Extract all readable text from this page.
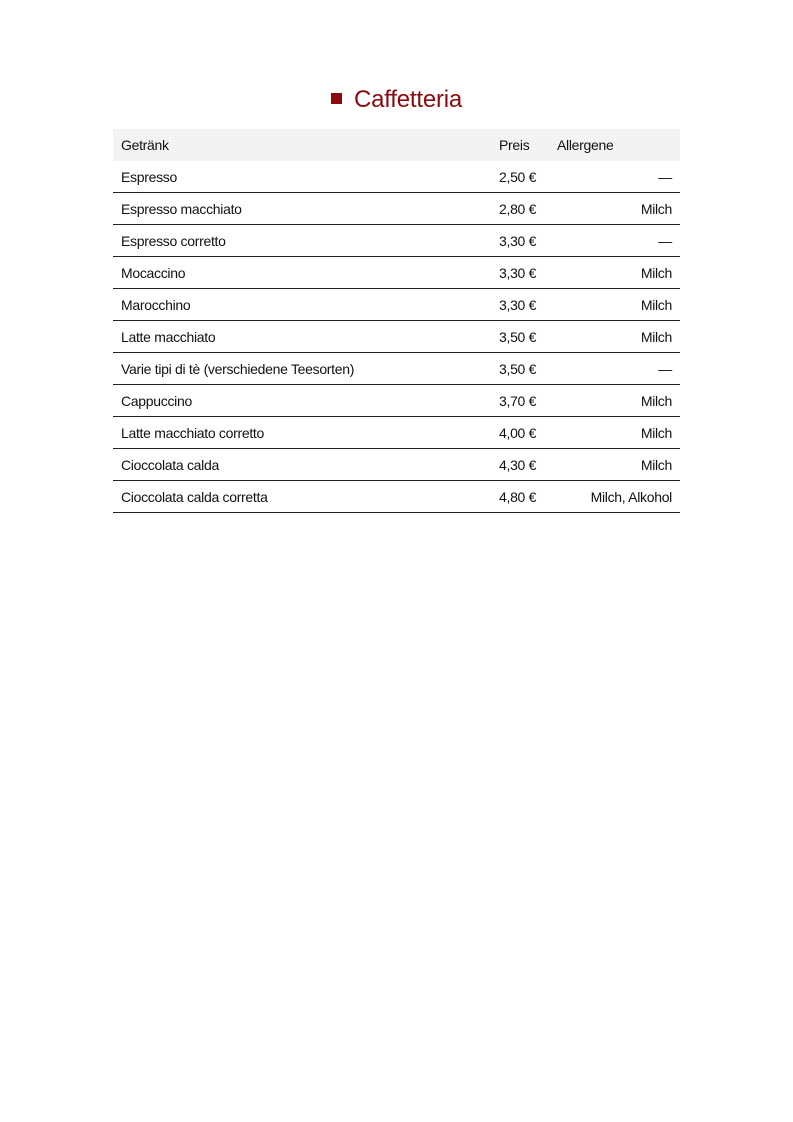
Caffetteria
Getränk	Preis	Allergene
Espresso	2,50 €	—
Espresso macchiato	2,80 €	Milch
Espresso corretto	3,30 €	—
Mocaccino	3,30 €	Milch
Marocchino	3,30 €	Milch
Latte macchiato	3,50 €	Milch
Varie tipi di tè (verschiedene Teesorten)	3,50 €	—
Cappuccino	3,70 €	Milch
Latte macchiato corretto	4,00 €	Milch
Cioccolata calda	4,30 €	Milch
Cioccolata calda corretta	4,80 €	Milch, Alkohol
